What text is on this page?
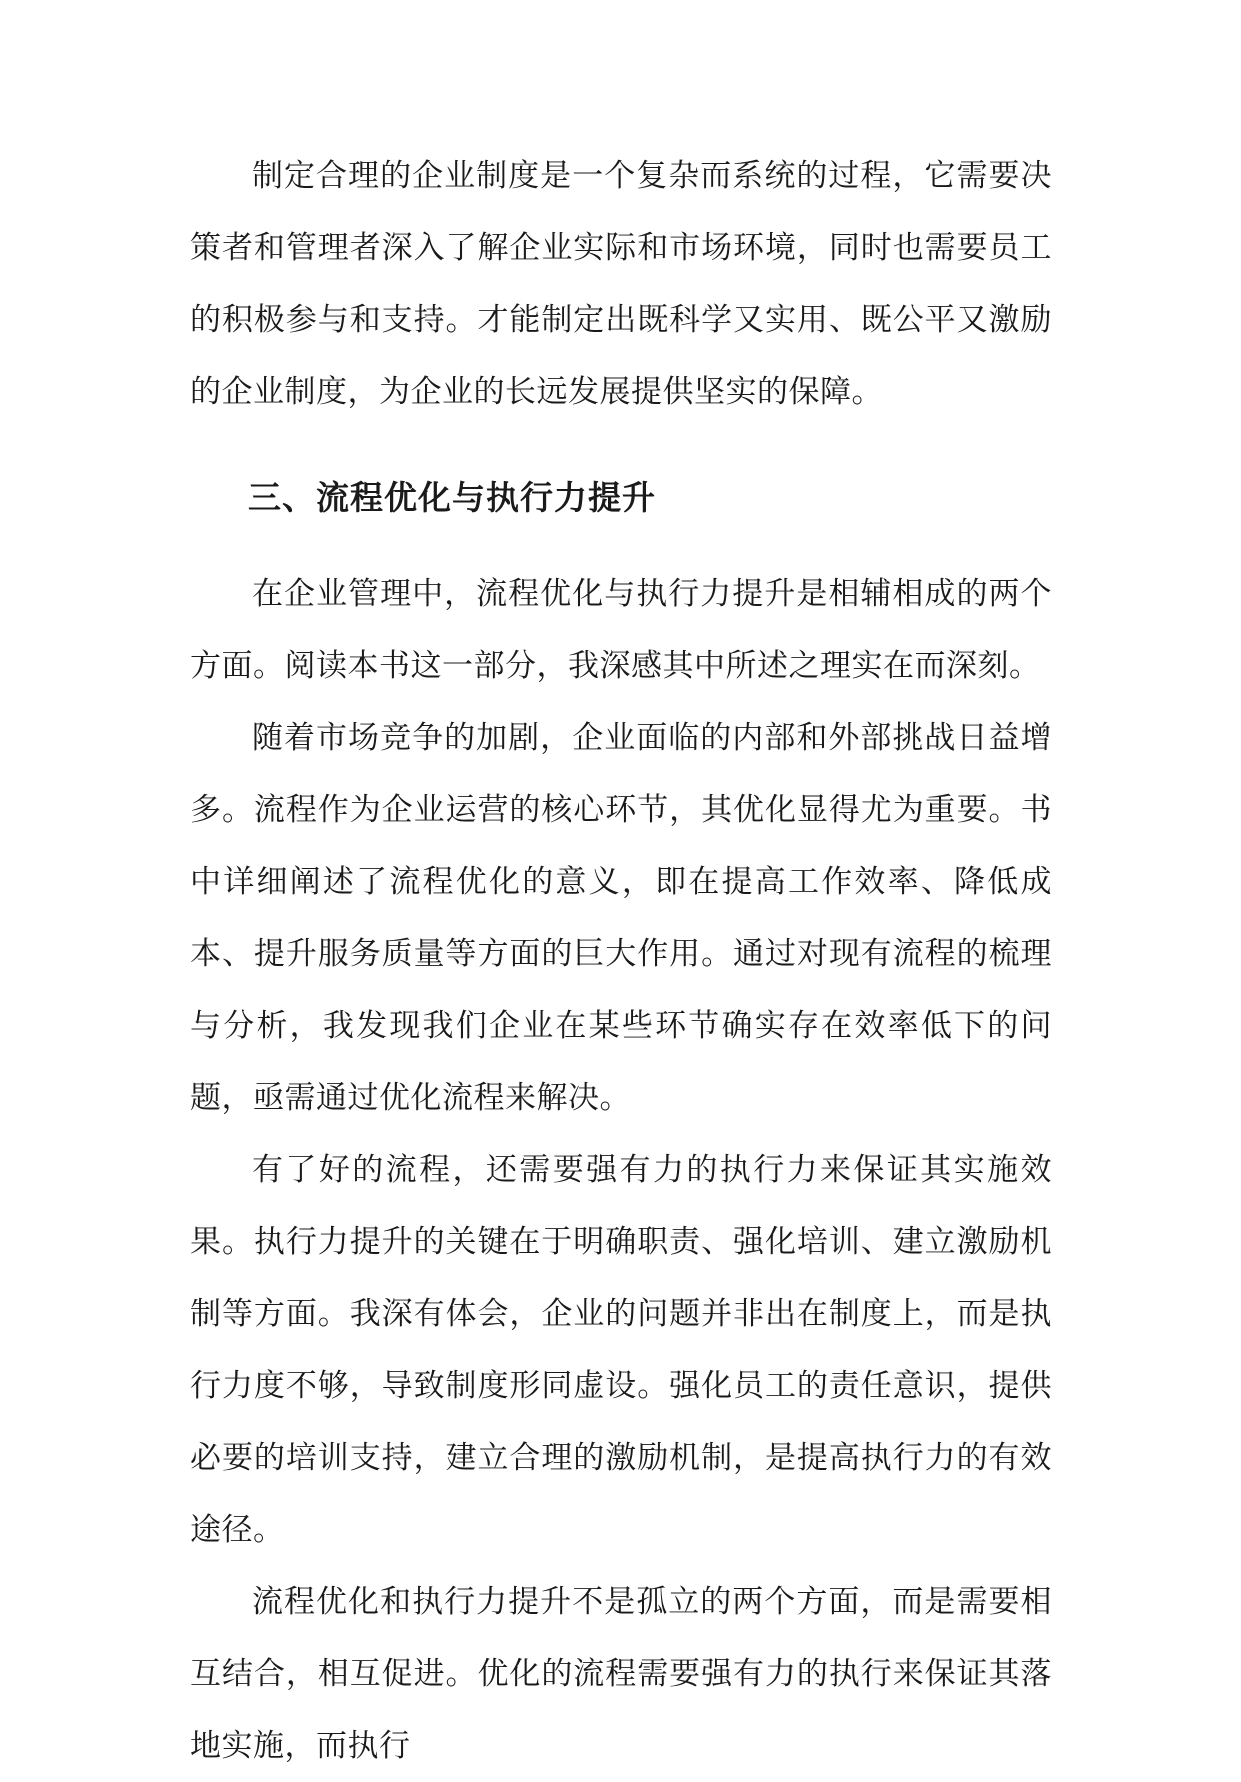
制定合理的企业制度是一个复杂而系统的过程，它需要决策者和管理者深入了解企业实际和市场环境，同时也需要员工的积极参与和支持。才能制定出既科学又实用、既公平又激励的企业制度，为企业的长远发展提供坚实的保障。

三、流程优化与执行力提升

在企业管理中，流程优化与执行力提升是相辅相成的两个方面。阅读本书这一部分，我深感其中所述之理实在而深刻。

随着市场竞争的加剧，企业面临的内部和外部挑战日益增多。流程作为企业运营的核心环节，其优化显得尤为重要。书中详细阐述了流程优化的意义，即在提高工作效率、降低成本、提升服务质量等方面的巨大作用。通过对现有流程的梳理与分析，我发现我们企业在某些环节确实存在效率低下的问题，亟需通过优化流程来解决。

有了好的流程，还需要强有力的执行力来保证其实施效果。执行力提升的关键在于明确职责、强化培训、建立激励机制等方面。我深有体会，企业的问题并非出在制度上，而是执行力度不够，导致制度形同虚设。强化员工的责任意识，提供必要的培训支持，建立合理的激励机制，是提高执行力的有效途径。

流程优化和执行力提升不是孤立的两个方面，而是需要相互结合，相互促进。优化的流程需要强有力的执行来保证其落地实施，而执行
